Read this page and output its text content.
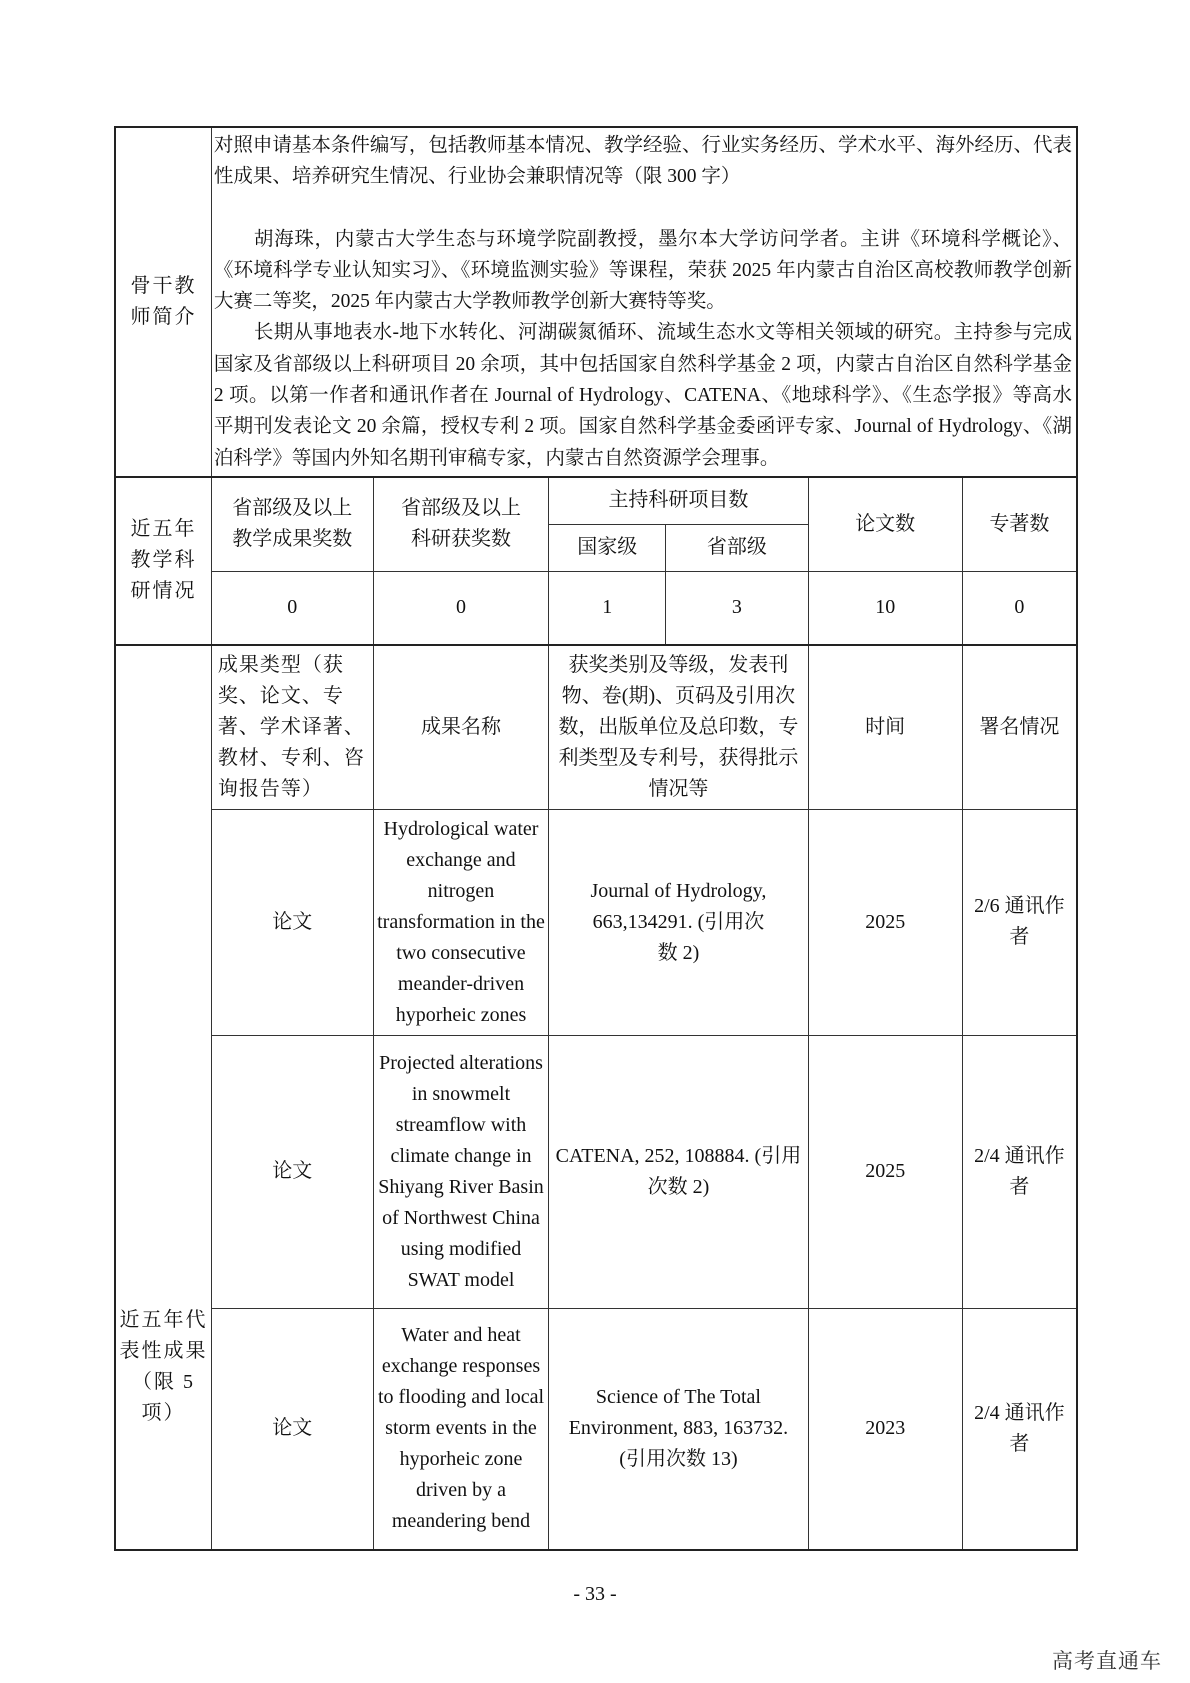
骨干教师简介	对照申请基本条件编写，包括教师基本情况、教学经验、行业实务经历、学术水平、海外经历、代表性成果、培养研究生情况、行业协会兼职情况等（限 300 字）

胡海珠，内蒙古大学生态与环境学院副教授，墨尔本大学访问学者。主讲《环境科学概论》、《环境科学专业认知实习》、《环境监测实验》等课程，荣获 2025 年内蒙古自治区高校教师教学创新大赛二等奖，2025 年内蒙古大学教师教学创新大赛特等奖。

长期从事地表水-地下水转化、河湖碳氮循环、流域生态水文等相关领域的研究。主持参与完成国家及省部级以上科研项目 20 余项，其中包括国家自然科学基金 2 项，内蒙古自治区自然科学基金 2 项。以第一作者和通讯作者在 Journal of Hydrology、CATENA、《地球科学》、《生态学报》等高水平期刊发表论文 20 余篇，授权专利 2 项。国家自然科学基金委函评专家、Journal of Hydrology、《湖泊科学》等国内外知名期刊审稿专家，内蒙古自然资源学会理事。					

近五年教学科研情况	省部级及以上教学成果奖数	省部级及以上科研获奖数	主持科研项目数		论文数	专著数
			国家级	省部级		
	0	0	1	3	10	0
近五年代表性成果（限 5 项）	成果类型（获奖、论文、专著、学术译著、教材、专利、咨询报告等）	成果名称	获奖类别及等级，发表刊物、卷(期)、页码及引用次数，出版单位及总印数，专利类型及专利号，获得批示情况等		时间	署名情况
	论文	Hydrological water exchange and nitrogen transformation in the two consecutive meander-driven hyporheic zones	Journal of Hydrology, 663,134291. (引用次数 2)		2025	2/6 通讯作者
	论文	Projected alterations in snowmelt streamflow with climate change in Shiyang River Basin of Northwest China using modified SWAT model	CATENA, 252, 108884. (引用次数 2)		2025	2/4 通讯作者
	论文	Water and heat exchange responses to flooding and local storm events in the hyporheic zone driven by a meandering bend	Science of The Total Environment, 883, 163732. (引用次数 13)		2023	2/4 通讯作者
- 33 -
高考直通车
